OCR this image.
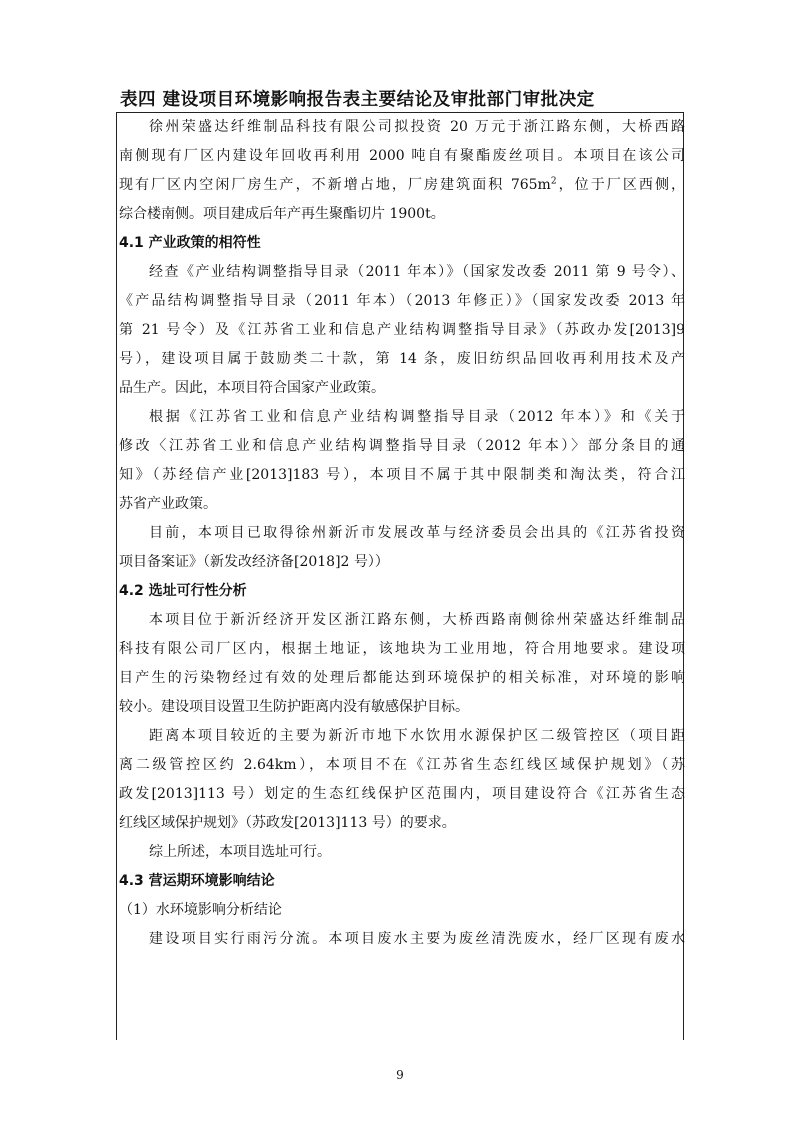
表四 建设项目环境影响报告表主要结论及审批部门审批决定
徐州荣盛达纤维制品科技有限公司拟投资 20 万元于浙江路东侧，大桥西路
南侧现有厂区内建设年回收再利用 2000 吨自有聚酯废丝项目。本项目在该公司
现有厂区内空闲厂房生产，不新增占地，厂房建筑面积 $765m^2$，位于厂区西侧，
综合楼南侧。项目建成后年产再生聚酯切片 1900t。
4.1 产业政策的相符性
经查《产业结构调整指导目录（2011 年本）》（国家发改委 2011 第 9 号令）、
《产品结构调整指导目录（2011 年本）（2013 年修正）》（国家发改委 2013 年
第 21 号令）及《江苏省工业和信息产业结构调整指导目录》（苏政办发[2013]9
号），建设项目属于鼓励类二十款，第 14 条，废旧纺织品回收再利用技术及产
品生产。因此，本项目符合国家产业政策。
根据《江苏省工业和信息产业结构调整指导目录（2012 年本）》和《关于
修改〈江苏省工业和信息产业结构调整指导目录（2012 年本）〉部分条目的通
知》（苏经信产业[2013]183 号），本项目不属于其中限制类和淘汰类，符合江
苏省产业政策。
目前，本项目已取得徐州新沂市发展改革与经济委员会出具的《江苏省投资
项目备案证》（新发改经济备[2018]2 号））
4.2 选址可行性分析
本项目位于新沂经济开发区浙江路东侧，大桥西路南侧徐州荣盛达纤维制品
科技有限公司厂区内，根据土地证，该地块为工业用地，符合用地要求。建设项
目产生的污染物经过有效的处理后都能达到环境保护的相关标准，对环境的影响
较小。建设项目设置卫生防护距离内没有敏感保护目标。
距离本项目较近的主要为新沂市地下水饮用水源保护区二级管控区（项目距
离二级管控区约 2.64km），本项目不在《江苏省生态红线区域保护规划》（苏
政发[2013]113 号）划定的生态红线保护区范围内，项目建设符合《江苏省生态
红线区域保护规划》（苏政发[2013]113 号）的要求。
综上所述，本项目选址可行。
4.3 营运期环境影响结论
（1）水环境影响分析结论
建设项目实行雨污分流。本项目废水主要为废丝清洗废水，经厂区现有废水
9
